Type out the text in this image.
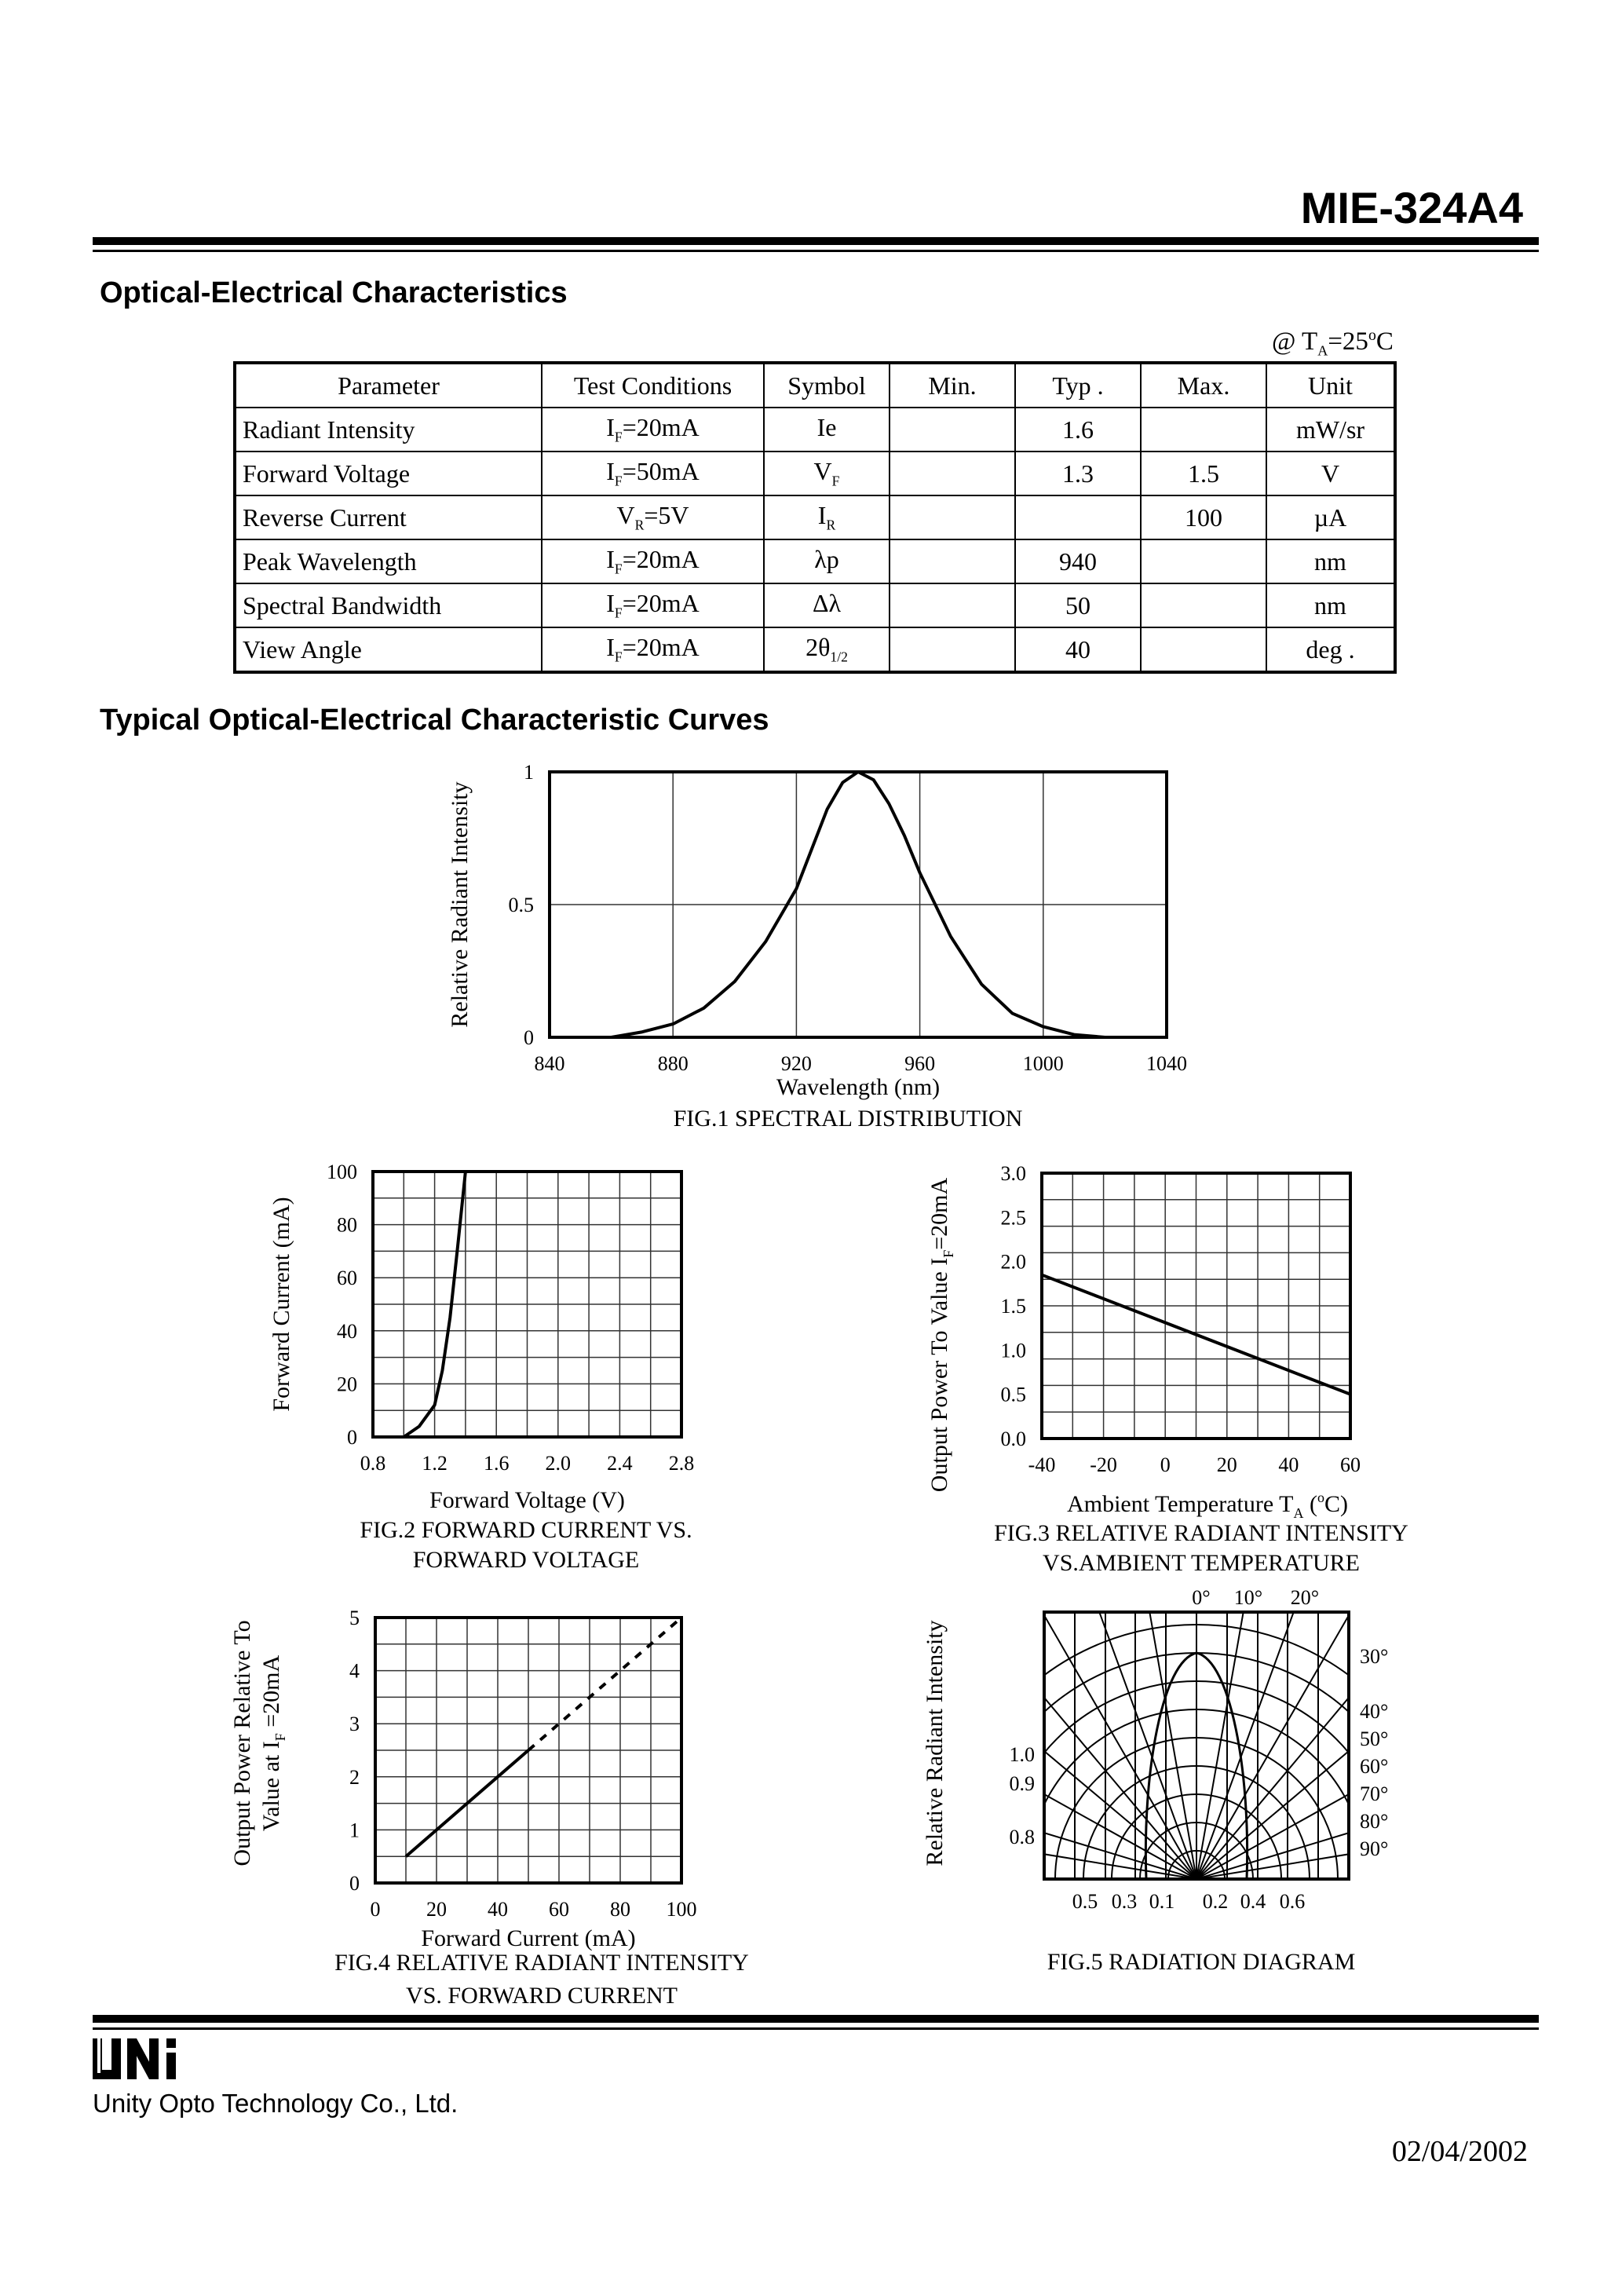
MIE-324A4
Optical-Electrical Characteristics
@ $T_A=25^oC$
Parameter	Test Conditions	Symbol	Min.	Typ .	Max.	Unit
Radiant Intensity	$I_F=20mA$	Ie		1.6		mW/sr
Forward Voltage	$I_F=50mA$	$V_F$		1.3	1.5	V
Reverse Current	$V_R=5V$	$I_R$			100	µA
Peak Wavelength	$I_F=20mA$	λp		940		nm
Spectral Bandwidth	$I_F=20mA$	Δλ		50		nm
View Angle	$I_F=20mA$	$2\theta_{1/2}$		40		deg .
Typical Optical-Electrical Characteristic Curves
840	880	920	960	1000	1040
0
0.5
1
Wavelength (nm)
Relative Radiant Intensity
0.8 1.2 1.6 2.0 2.4 2.8
0
20
40
60
80
100
Forward Voltage (V)
Forward Current (mA)
-40 -20 0 20 40 60
0.0
0.5
1.0
1.5
2.0
2.5
3.0
0 20 40 60 80 100
0
1
2
3
4
5
Forward Current (mA)
Ambient Temperature $T_A$ ($^o$C)
Output Power To Value $I_F=20mA$
Output Power Relative To Value at $I_F =20mA$
0° 10° 20°
30°
40°
50°
60°
70°
80°
90°
1.0
0.9
0.8
0.5 0.3 0.1 0.2 0.4 0.6
Relative Radiant Intensity
FIG.1 SPECTRAL DISTRIBUTION
FIG.2 FORWARD CURRENT VS.
FORWARD VOLTAGE
FIG.3 RELATIVE RADIANT INTENSITY
VS.AMBIENT TEMPERATURE
FIG.4 RELATIVE RADIANT INTENSITY
VS. FORWARD CURRENT
FIG.5 RADIATION DIAGRAM
Unity Opto Technology Co., Ltd.
02/04/2002
